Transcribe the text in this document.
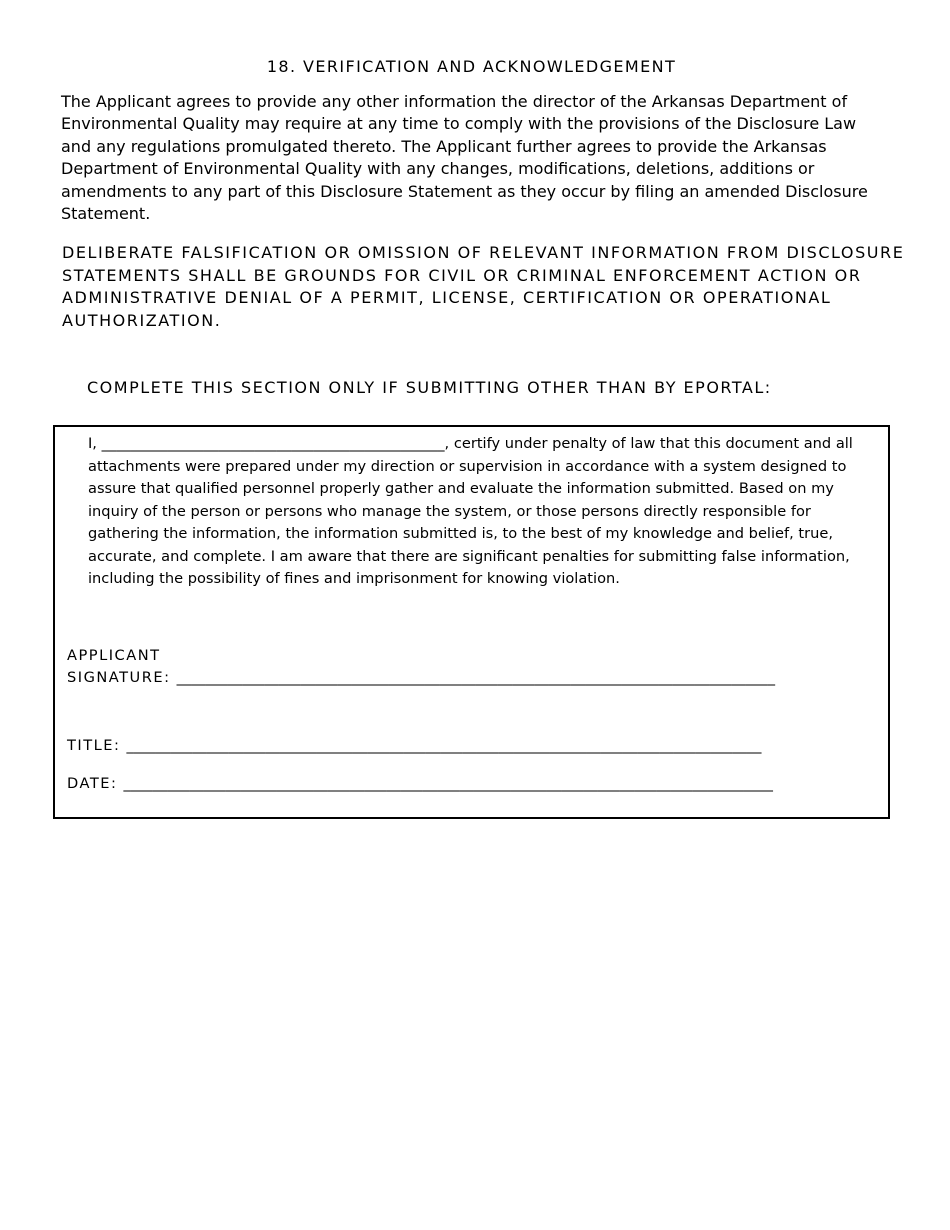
18. VERIFICATION AND ACKNOWLEDGEMENT

The Applicant agrees to provide any other information the director of the Arkansas Department of Environmental Quality may require at any time to comply with the provisions of the Disclosure Law and any regulations promulgated thereto. The Applicant further agrees to provide the Arkansas Department of Environmental Quality with any changes, modifications, deletions, additions or amendments to any part of this Disclosure Statement as they occur by filing an amended Disclosure Statement.

DELIBERATE FALSIFICATION OR OMISSION OF RELEVANT INFORMATION FROM DISCLOSURE STATEMENTS SHALL BE GROUNDS FOR CIVIL OR CRIMINAL ENFORCEMENT ACTION OR ADMINISTRATIVE DENIAL OF A PERMIT, LICENSE, CERTIFICATION OR OPERATIONAL AUTHORIZATION.

COMPLETE THIS SECTION ONLY IF SUBMITTING OTHER THAN BY EPORTAL:

I, _______________________________________________, certify under penalty of law that this document and all attachments were prepared under my direction or supervision in accordance with a system designed to assure that qualified personnel properly gather and evaluate the information submitted. Based on my inquiry of the person or persons who manage the system, or those persons directly responsible for gathering the information, the information submitted is, to the best of my knowledge and belief, true, accurate, and complete. I am aware that there are significant penalties for submitting false information, including the possibility of fines and imprisonment for knowing violation.

APPLICANT
SIGNATURE: __________________________________________________________________________________
TITLE: _______________________________________________________________________________________
DATE: _________________________________________________________________________________________
